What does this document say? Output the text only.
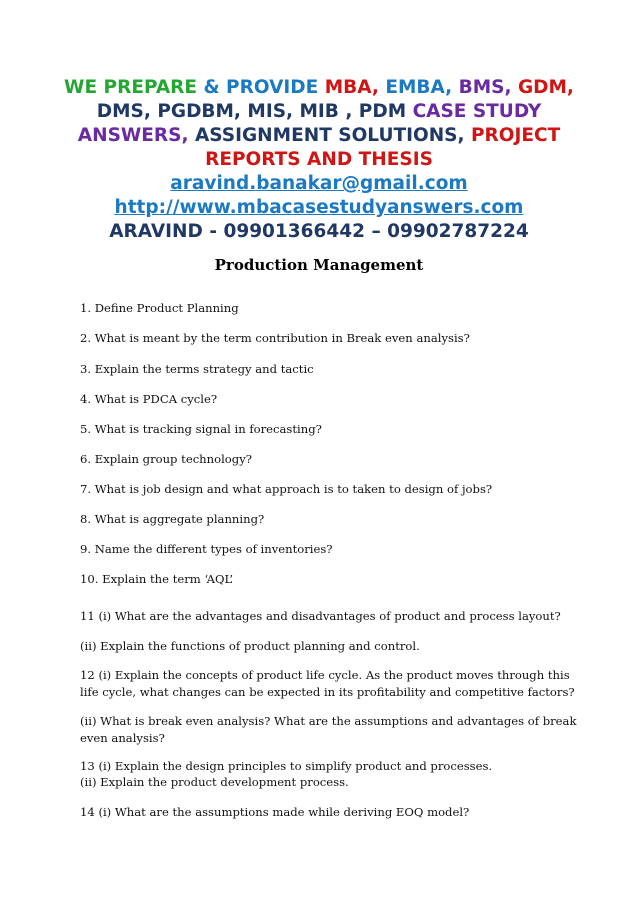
WE PREPARE & PROVIDE MBA, EMBA, BMS, GDM,
DMS, PGDBM, MIS, MIB , PDM CASE STUDY
ANSWERS, ASSIGNMENT SOLUTIONS, PROJECT
REPORTS AND THESIS
aravind.banakar@gmail.com
http://www.mbacasestudyanswers.com
ARAVIND - 09901366442 – 09902787224
Production Management
1. Define Product Planning
2. What is meant by the term contribution in Break even analysis?
3. Explain the terms strategy and tactic
4. What is PDCA cycle?
5. What is tracking signal in forecasting?
6. Explain group technology?
7. What is job design and what approach is to taken to design of jobs?
8. What is aggregate planning?
9. Name the different types of inventories?
10. Explain the term ‘AQL’
11 (i) What are the advantages and disadvantages of product and process layout?
(ii) Explain the functions of product planning and control.
12 (i) Explain the concepts of product life cycle. As the product moves through this life cycle, what changes can be expected in its profitability and competitive factors?
(ii) What is break even analysis? What are the assumptions and advantages of break even analysis?
13 (i) Explain the design principles to simplify product and processes.
(ii) Explain the product development process.
14 (i) What are the assumptions made while deriving EOQ model?
